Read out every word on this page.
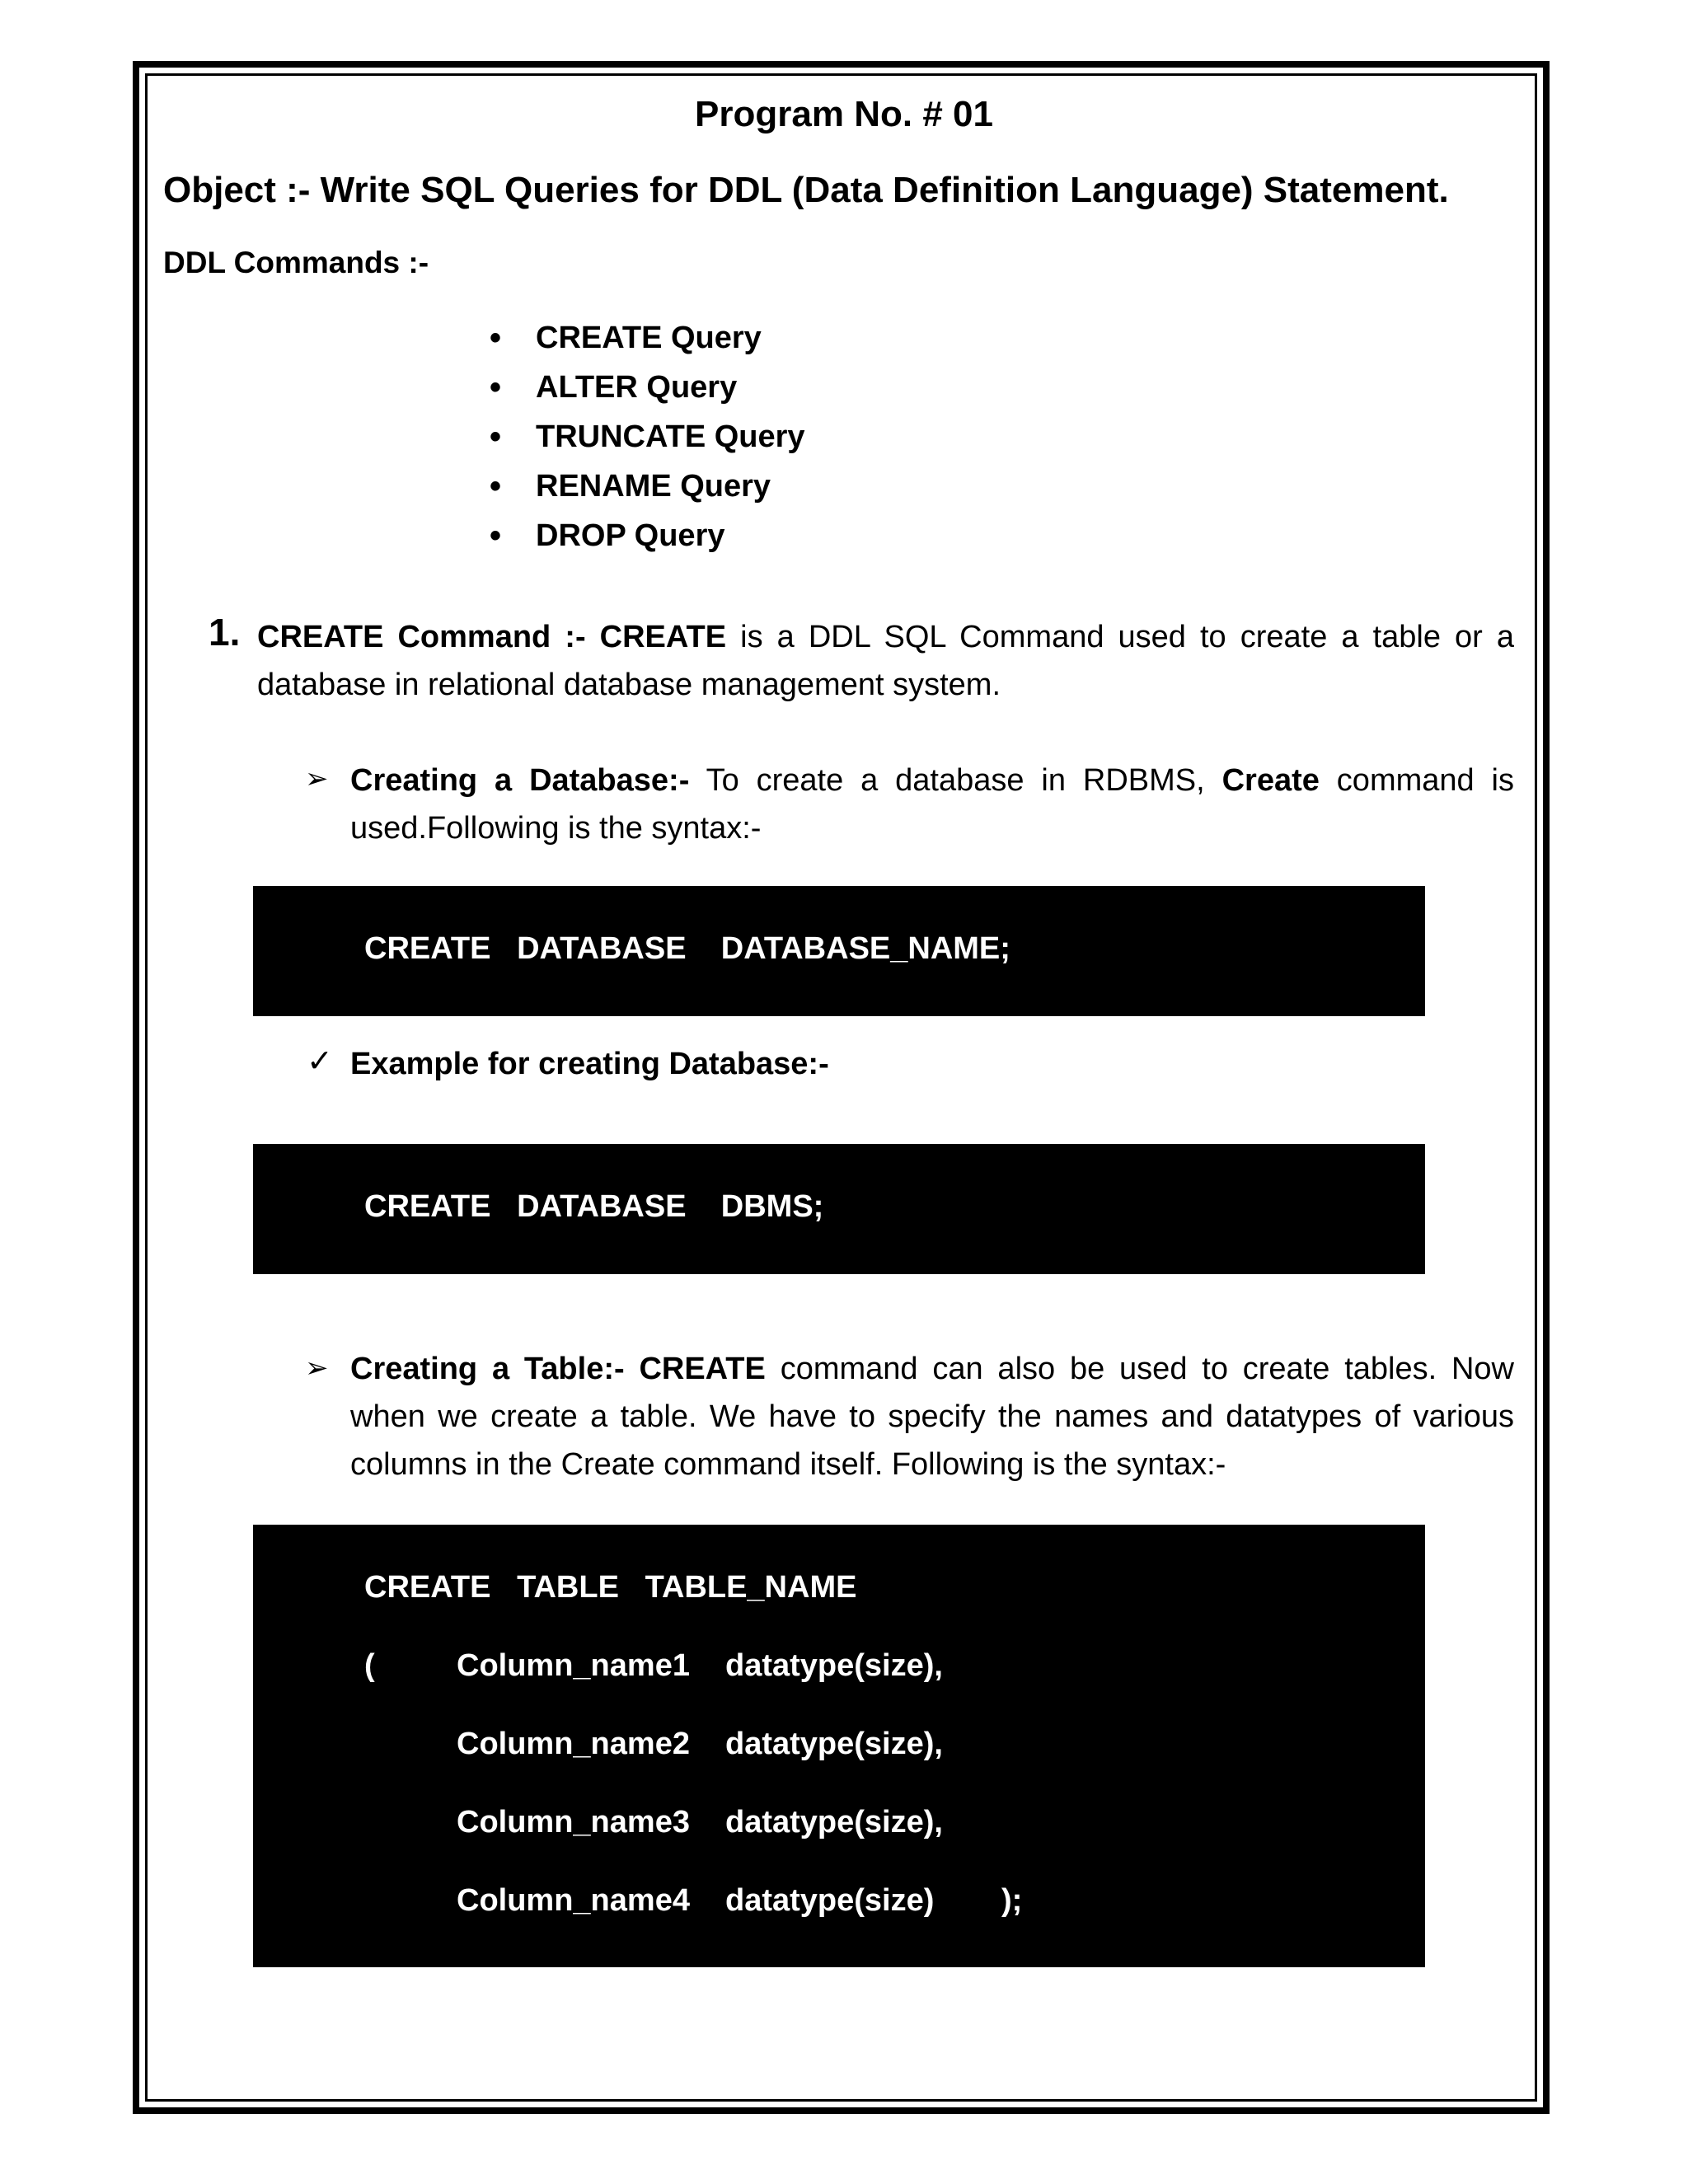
Program No. # 01
Object :- Write SQL Queries for DDL (Data Definition Language) Statement.
DDL Commands :-
• CREATE Query
• ALTER Query
• TRUNCATE Query
• RENAME Query
• DROP Query
1. CREATE Command :- CREATE is a DDL SQL Command used to create a table or a database in relational database management system.
➢ Creating a Database:- To create a database in RDBMS, Create command is used.Following is the syntax:-
CREATE   DATABASE    DATABASE_NAME;
✓ Example for creating Database:-
CREATE   DATABASE    DBMS;
➢ Creating a Table:- CREATE command can also be used to create tables. Now when we create a table. We have to specify the names and datatypes of various columns in the Create command itself. Following is the syntax:-
CREATE   TABLE   TABLE_NAME
(	Column_name1 datatype(size),
Column_name2 datatype(size),
Column_name3 datatype(size),
Column_name4 datatype(size) );
